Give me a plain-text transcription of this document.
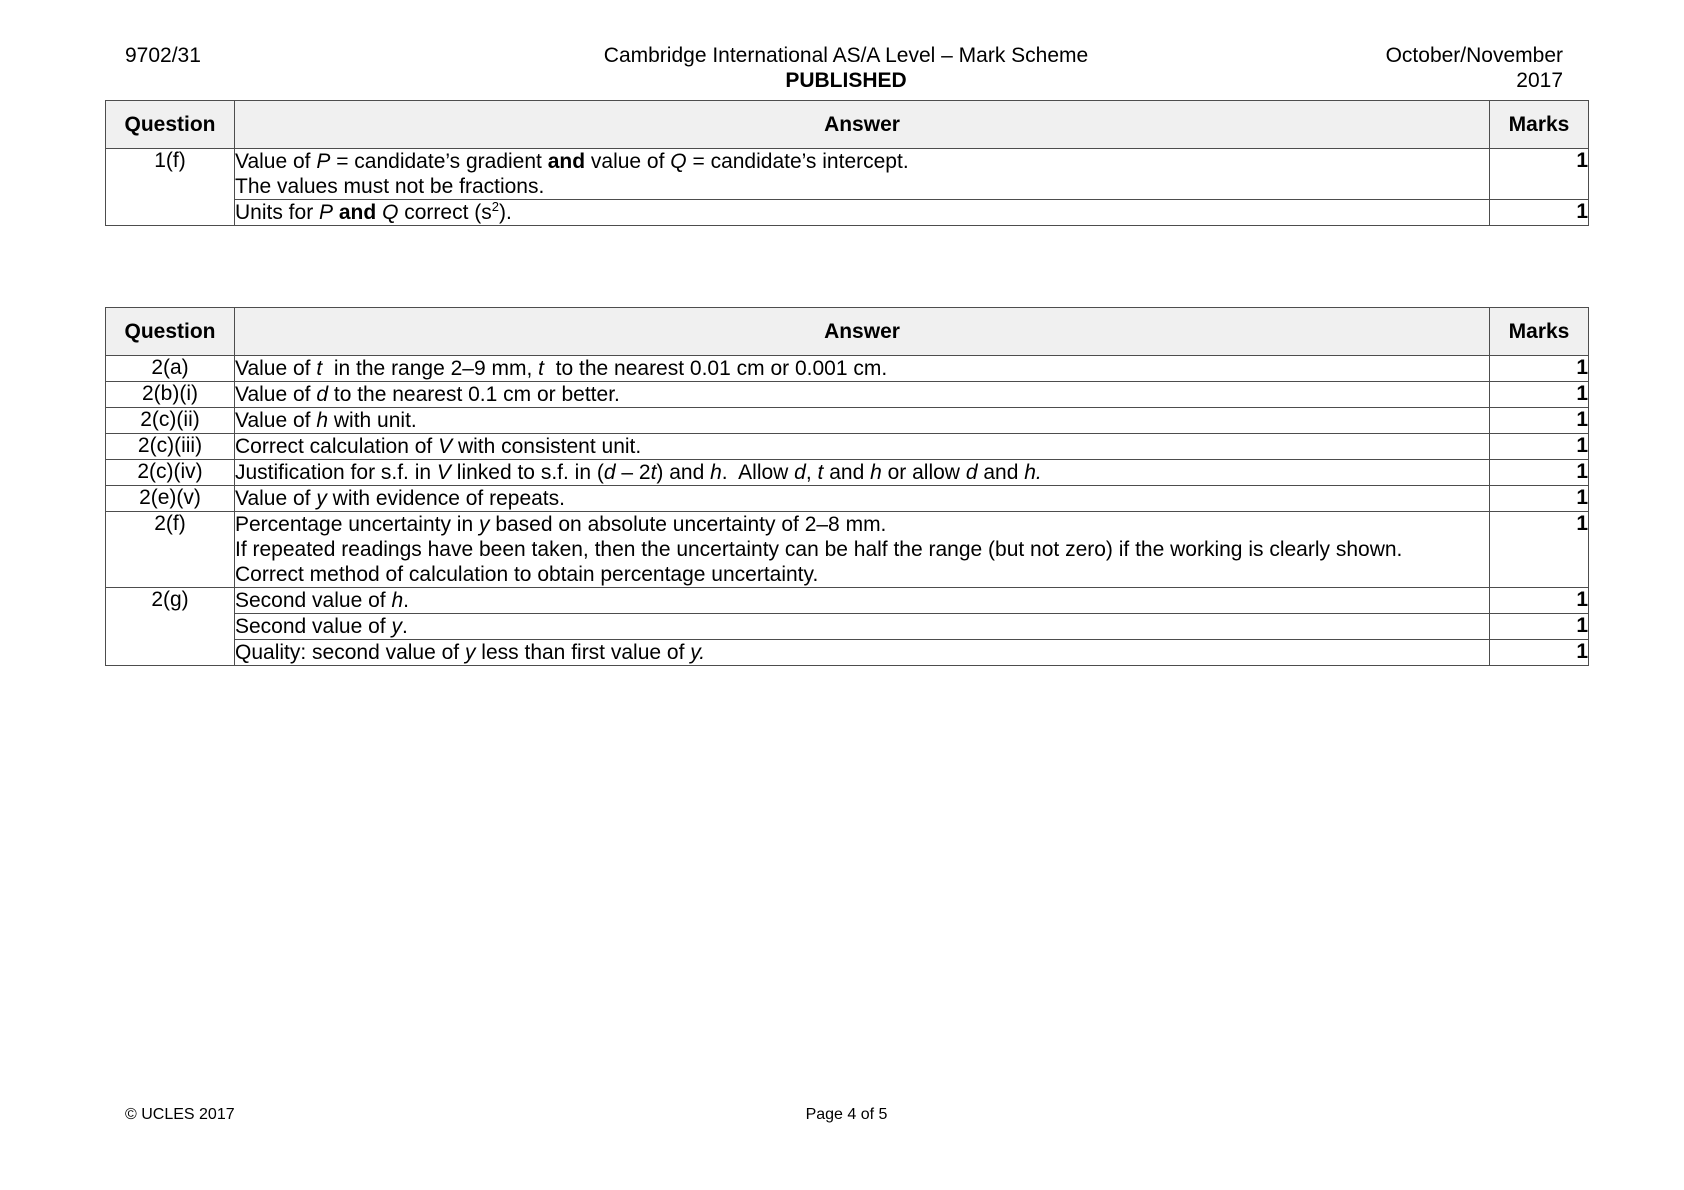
9702/31	Cambridge International AS/A Level – Mark Scheme
PUBLISHED
October/November
2017
Question	Answer	Marks
1(f)	Value of P = candidate’s gradient and value of Q = candidate’s intercept.
The values must not be fractions.	1
	Units for P and Q correct $(s^2)$.	1
Question	Answer	Marks
2(a)	Value of t  in the range 2–9 mm, t  to the nearest 0.01 cm or 0.001 cm.	1
2(b)(i)	Value of d to the nearest 0.1 cm or better.	1
2(c)(ii)	Value of h with unit.	1
2(c)(iii)	Correct calculation of V with consistent unit.	1
2(c)(iv)	Justification for s.f. in V linked to s.f. in (d – 2t) and h.  Allow d, t and h or allow d and h.	1
2(e)(v)	Value of y with evidence of repeats.	1
2(f)	Percentage uncertainty in y based on absolute uncertainty of 2–8 mm.
If repeated readings have been taken, then the uncertainty can be half the range (but not zero) if the working is clearly shown.
Correct method of calculation to obtain percentage uncertainty.	1
2(g)	Second value of h.	1
	Second value of y.	1
	Quality: second value of y less than first value of y.	1
© UCLES 2017	Page 4 of 5
